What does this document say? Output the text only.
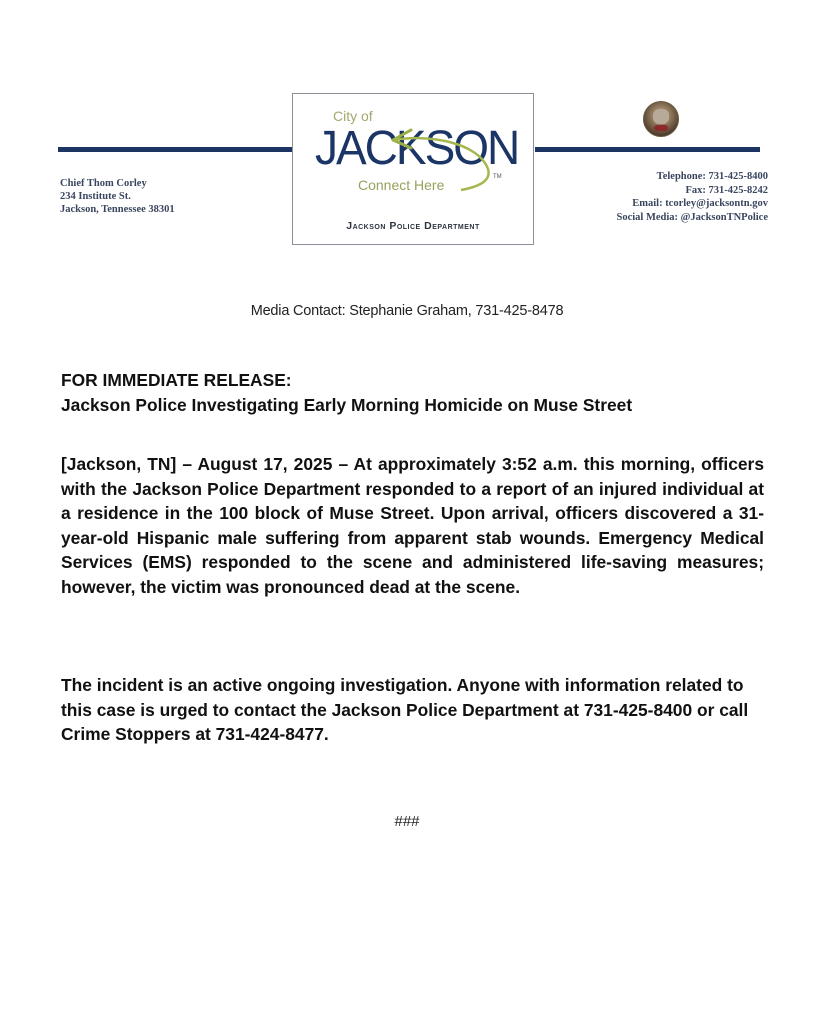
Chief Thom Corley
234 Institute St.
Jackson, Tennessee 38301
City of
JACKSON
TM
Connect Here
Jackson Police Department
Telephone: 731-425-8400
Fax: 731-425-8242
Email: tcorley@jacksontn.gov
Social Media: @JacksonTNPolice
Media Contact: Stephanie Graham, 731-425-8478
FOR IMMEDIATE RELEASE:
Jackson Police Investigating Early Morning Homicide on Muse Street
[Jackson, TN] – August 17, 2025 – At approximately 3:52 a.m. this morning, officers with the Jackson Police Department responded to a report of an injured individual at a residence in the 100 block of Muse Street. Upon arrival, officers discovered a 31-year-old Hispanic male suffering from apparent stab wounds. Emergency Medical Services (EMS) responded to the scene and administered life-saving measures; however, the victim was pronounced dead at the scene.
The incident is an active ongoing investigation. Anyone with information related to this case is urged to contact the Jackson Police Department at 731-425-8400 or call Crime Stoppers at 731-424-8477.
###
